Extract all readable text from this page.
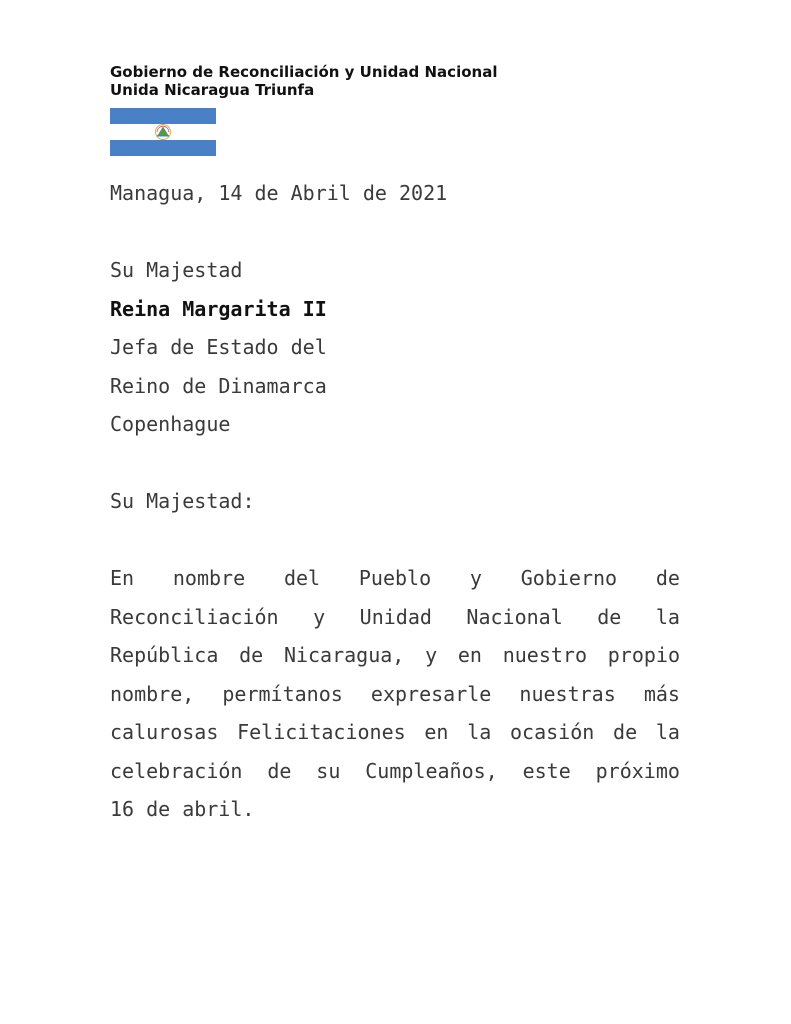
Gobierno de Reconciliación y Unidad Nacional
Unida Nicaragua Triunfa
Managua, 14 de Abril de 2021
Su Majestad
Reina Margarita II
Jefa de Estado del
Reino de Dinamarca
Copenhague
Su Majestad:
En nombre del Pueblo y Gobierno de
Reconciliación y Unidad Nacional de la
República de Nicaragua, y en nuestro propio
nombre, permítanos expresarle nuestras más
calurosas Felicitaciones en la ocasión de la
celebración de su Cumpleaños, este próximo
16 de abril.
